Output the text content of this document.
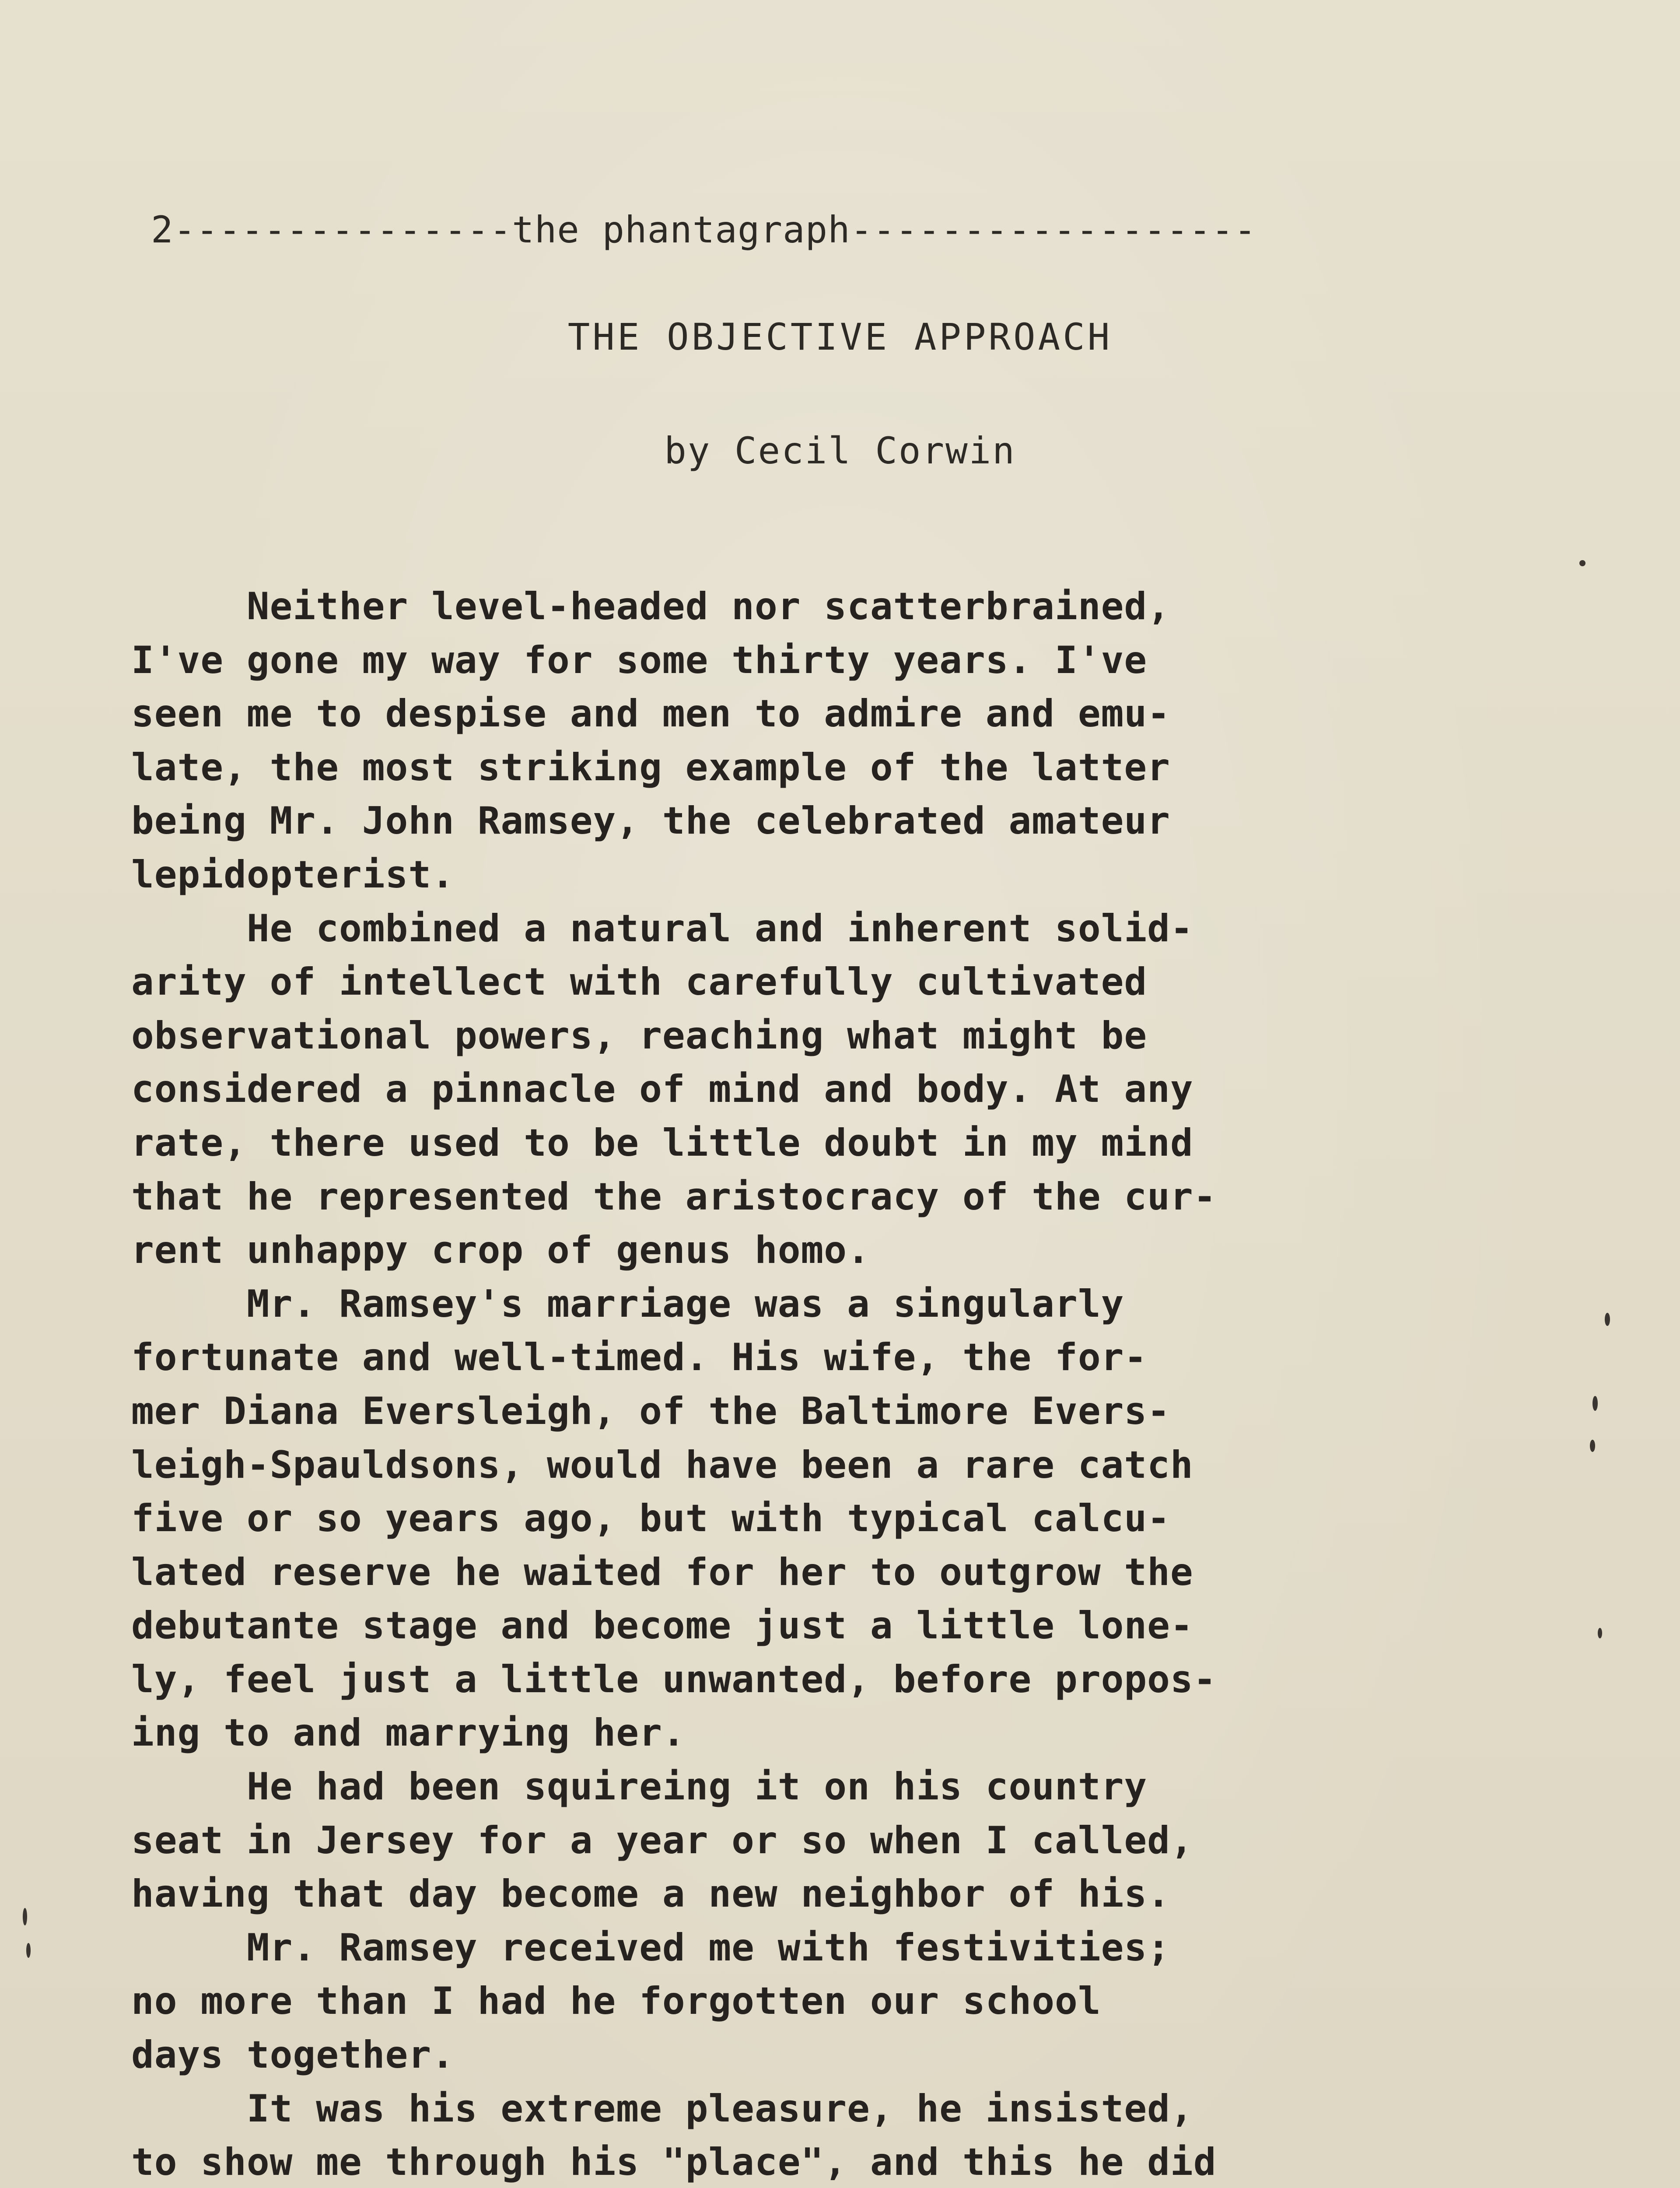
2---------------the phantagraph------------------
THE OBJECTIVE APPROACH
by Cecil Corwin
Neither level-headed nor scatterbrained,
I've gone my way for some thirty years. I've
seen me to despise and men to admire and emu-
late, the most striking example of the latter
being Mr. John Ramsey, the celebrated amateur
lepidopterist.
He combined a natural and inherent solid-
arity of intellect with carefully cultivated
observational powers, reaching what might be
considered a pinnacle of mind and body. At any
rate, there used to be little doubt in my mind
that he represented the aristocracy of the cur-
rent unhappy crop of genus homo.
Mr. Ramsey's marriage was a singularly
fortunate and well-timed. His wife, the for-
mer Diana Eversleigh, of the Baltimore Evers-
leigh-Spauldsons, would have been a rare catch
five or so years ago, but with typical calcu-
lated reserve he waited for her to outgrow the
debutante stage and become just a little lone-
ly, feel just a little unwanted, before propos-
ing to and marrying her.
He had been squireing it on his country
seat in Jersey for a year or so when I called,
having that day become a new neighbor of his.
Mr. Ramsey received me with festivities;
no more than I had he forgotten our school
days together.
It was his extreme pleasure, he insisted,
to show me through his "place", and this he did
